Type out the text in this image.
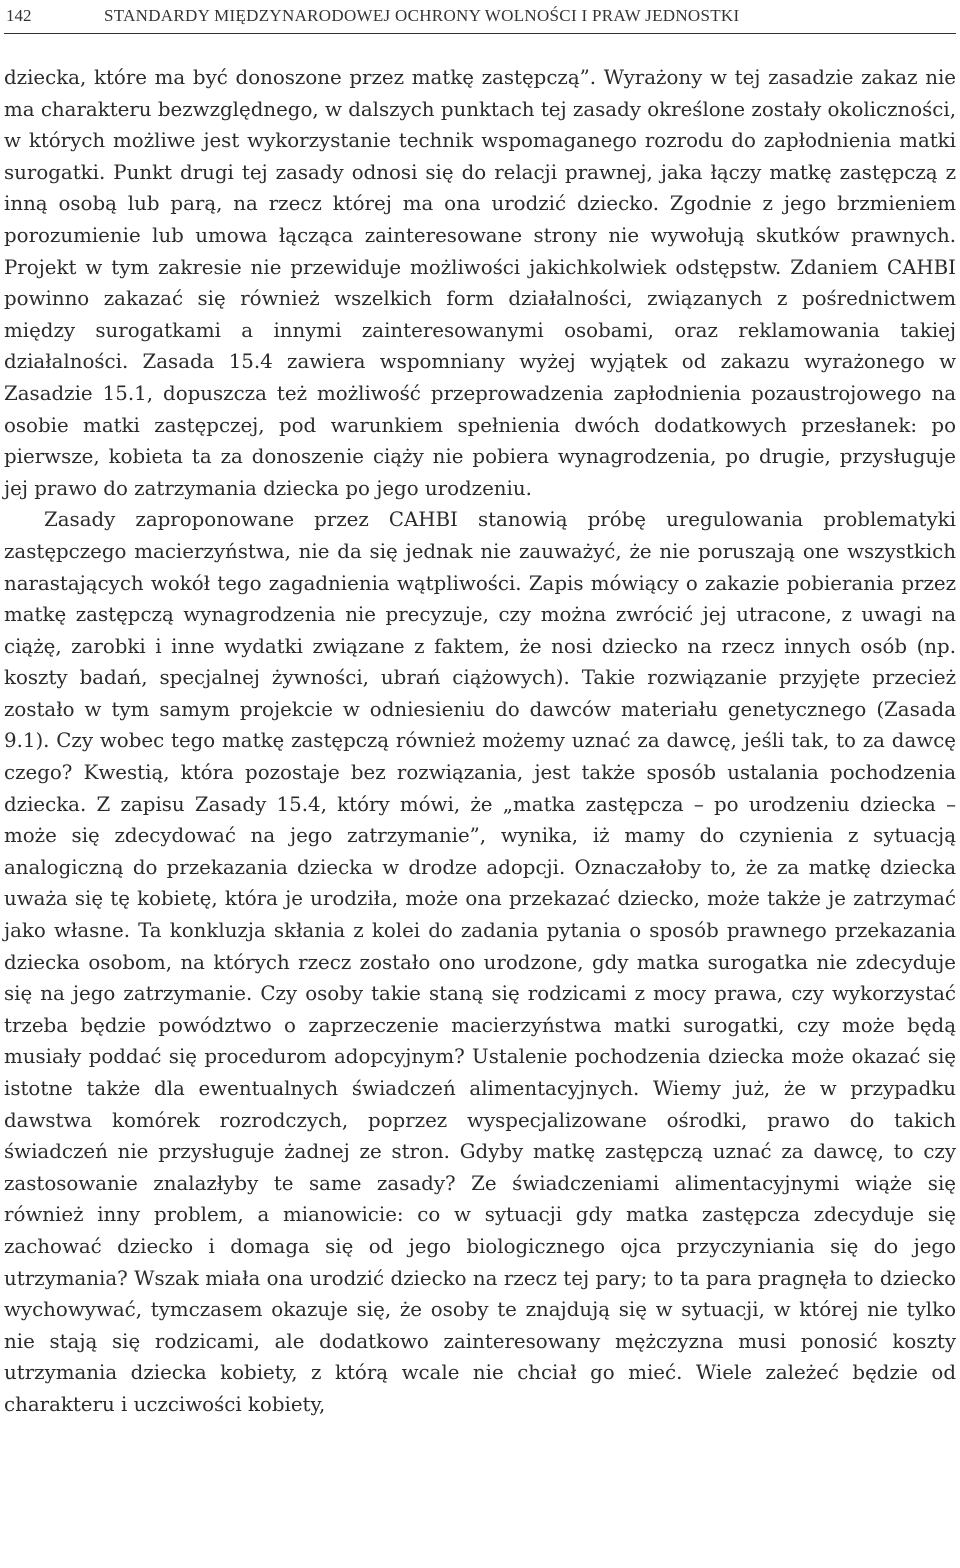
142	STANDARDY MIĘDZYNARODOWEJ OCHRONY WOLNOŚCI I PRAW JEDNOSTKI

dziecka, które ma być donoszone przez matkę zastępczą”. Wyrażony w tej zasadzie zakaz nie ma charakteru bezwzględnego, w dalszych punktach tej zasady określone zostały okoliczności, w których możliwe jest wykorzystanie technik wspomaganego rozrodu do zapłodnienia matki surogatki. Punkt drugi tej zasady odnosi się do relacji prawnej, jaka łączy matkę zastępczą z inną osobą lub parą, na rzecz której ma ona urodzić dziecko. Zgodnie z jego brzmieniem porozumienie lub umowa łącząca zainteresowane strony nie wywołują skutków prawnych. Projekt w tym zakresie nie przewiduje możliwości jakichkolwiek odstępstw. Zdaniem CAHBI powinno zakazać się również wszelkich form działalności, związanych z pośrednictwem między surogatkami a innymi zainteresowanymi osobami, oraz reklamowania takiej działalności. Zasada 15.4 zawiera wspomniany wyżej wyjątek od zakazu wyrażonego w Zasadzie 15.1, dopuszcza też możliwość przeprowadzenia zapłodnienia pozaustrojowego na osobie matki zastępczej, pod warunkiem spełnienia dwóch dodatkowych przesłanek: po pierwsze, kobieta ta za donoszenie ciąży nie pobiera wynagrodzenia, po drugie, przysługuje jej prawo do zatrzymania dziecka po jego urodzeniu.

Zasady zaproponowane przez CAHBI stanowią próbę uregulowania problematyki zastępczego macierzyństwa, nie da się jednak nie zauważyć, że nie poruszają one wszystkich narastających wokół tego zagadnienia wątpliwości. Zapis mówiący o zakazie pobierania przez matkę zastępczą wynagrodzenia nie precyzuje, czy można zwrócić jej utracone, z uwagi na ciążę, zarobki i inne wydatki związane z faktem, że nosi dziecko na rzecz innych osób (np. koszty badań, specjalnej żywności, ubrań ciążowych). Takie rozwiązanie przyjęte przecież zostało w tym samym projekcie w odniesieniu do dawców materiału genetycznego (Zasada 9.1). Czy wobec tego matkę zastępczą również możemy uznać za dawcę, jeśli tak, to za dawcę czego? Kwestią, która pozostaje bez rozwiązania, jest także sposób ustalania pochodzenia dziecka. Z zapisu Zasady 15.4, który mówi, że „matka zastępcza – po urodzeniu dziecka – może się zdecydować na jego zatrzymanie”, wynika, iż mamy do czynienia z sytuacją analogiczną do przekazania dziecka w drodze adopcji. Oznaczałoby to, że za matkę dziecka uważa się tę kobietę, która je urodziła, może ona przekazać dziecko, może także je zatrzymać jako własne. Ta konkluzja skłania z kolei do zadania pytania o sposób prawnego przekazania dziecka osobom, na których rzecz zostało ono urodzone, gdy matka surogatka nie zdecyduje się na jego zatrzymanie. Czy osoby takie staną się rodzicami z mocy prawa, czy wykorzystać trzeba będzie powództwo o zaprzeczenie macierzyństwa matki surogatki, czy może będą musiały poddać się procedurom adopcyjnym? Ustalenie pochodzenia dziecka może okazać się istotne także dla ewentualnych świadczeń alimentacyjnych. Wiemy już, że w przypadku dawstwa komórek rozrodczych, poprzez wyspecjalizowane ośrodki, prawo do takich świadczeń nie przysługuje żadnej ze stron. Gdyby matkę zastępczą uznać za dawcę, to czy zastosowanie znalazłyby te same zasady? Ze świadczeniami alimentacyjnymi wiąże się również inny problem, a mianowicie: co w sytuacji gdy matka zastępcza zdecyduje się zachować dziecko i domaga się od jego biologicznego ojca przyczyniania się do jego utrzymania? Wszak miała ona urodzić dziecko na rzecz tej pary; to ta para pragnęła to dziecko wychowywać, tymczasem okazuje się, że osoby te znajdują się w sytuacji, w której nie tylko nie stają się rodzicami, ale dodatkowo zainteresowany mężczyzna musi ponosić koszty utrzymania dziecka kobiety, z którą wcale nie chciał go mieć. Wiele zależeć będzie od charakteru i uczciwości kobiety,
